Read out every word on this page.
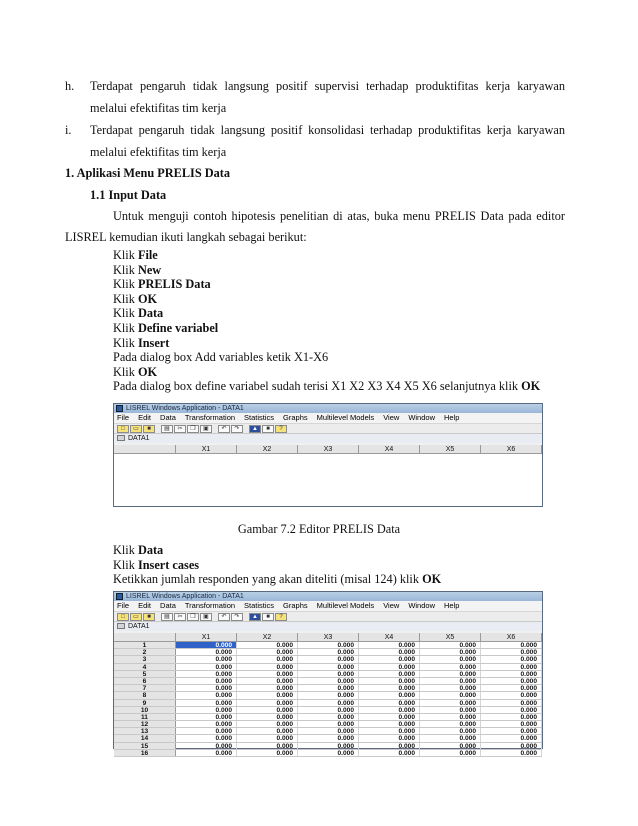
h. Terdapat pengaruh tidak langsung positif supervisi terhadap produktifitas kerja karyawan
melalui efektifitas tim kerja
i. Terdapat pengaruh tidak langsung positif konsolidasi terhadap produktifitas kerja karyawan
melalui efektifitas tim kerja
1. Aplikasi Menu PRELIS Data
1.1 Input Data
Untuk menguji contoh hipotesis penelitian di atas, buka menu PRELIS Data pada editor
LISREL kemudian ikuti langkah sebagai berikut:
Klik File
Klik New
Klik PRELIS Data
Klik OK
Klik Data
Klik Define variabel
Klik Insert
Pada dialog box Add variables ketik X1-X6
Klik OK
Pada dialog box define variabel sudah terisi X1 X2 X3 X4 X5 X6 selanjutnya klik OK
LISREL Windows Application - DATA1
File Edit Data Transformation Statistics Graphs Multilevel Models View Window Help
□	▭	■	▤	✂	❐	▣	↶	↷	▲	■	?
DATA1
X1	X2	X3	X4	X5	X6
Gambar 7.2 Editor PRELIS Data
Klik Data
Klik Insert cases
Ketikkan jumlah responden yang akan diteliti (misal 124) klik OK
LISREL Windows Application - DATA1
File Edit Data Transformation Statistics Graphs Multilevel Models View Window Help
□	▭	■	▤	✂	❐	▣	↶	↷	▲	■	?
DATA1
X1	X2	X3	X4	X5	X6
1	0.000	0.000	0.000	0.000	0.000	0.000
2	0.000	0.000	0.000	0.000	0.000	0.000
3	0.000	0.000	0.000	0.000	0.000	0.000
4	0.000	0.000	0.000	0.000	0.000	0.000
5	0.000	0.000	0.000	0.000	0.000	0.000
6	0.000	0.000	0.000	0.000	0.000	0.000
7	0.000	0.000	0.000	0.000	0.000	0.000
8	0.000	0.000	0.000	0.000	0.000	0.000
9	0.000	0.000	0.000	0.000	0.000	0.000
10	0.000	0.000	0.000	0.000	0.000	0.000
11	0.000	0.000	0.000	0.000	0.000	0.000
12	0.000	0.000	0.000	0.000	0.000	0.000
13	0.000	0.000	0.000	0.000	0.000	0.000
14	0.000	0.000	0.000	0.000	0.000	0.000
15	0.000	0.000	0.000	0.000	0.000	0.000
16	0.000	0.000	0.000	0.000	0.000	0.000
